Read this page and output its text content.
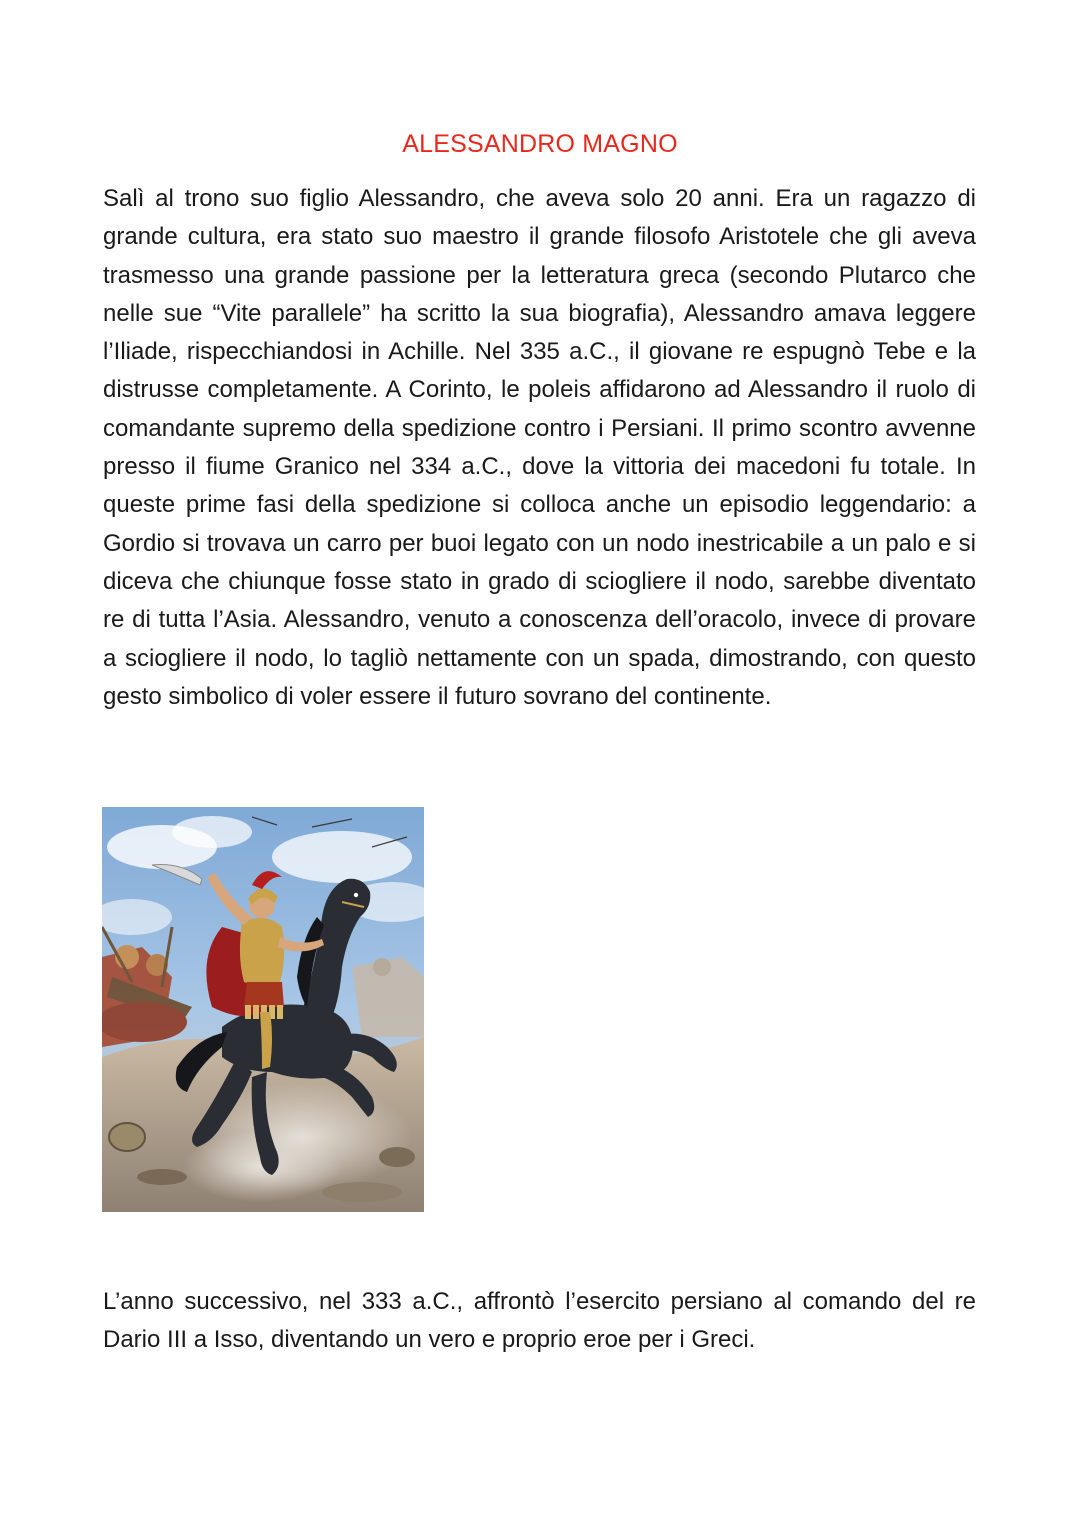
ALESSANDRO MAGNO

Salì al trono suo figlio Alessandro, che aveva solo 20 anni. Era un ragazzo di grande cultura, era stato suo maestro il grande filosofo Aristotele che gli aveva trasmesso una grande passione per la letteratura greca (secondo Plutarco che nelle sue “Vite parallele” ha scritto la sua biografia), Alessandro amava leggere l’Iliade, rispecchiandosi in Achille. Nel 335 a.C., il giovane re espugnò Tebe e la distrusse completamente. A Corinto, le poleis affidarono ad Alessandro il ruolo di comandante supremo della spedizione contro i Persiani. Il primo scontro avvenne presso il fiume Granico nel 334 a.C., dove la vittoria dei macedoni fu totale. In queste prime fasi della spedizione si colloca anche un episodio leggendario: a Gordio si trovava un carro per buoi legato con un nodo inestricabile a un palo e si diceva che chiunque fosse stato in grado di sciogliere il nodo, sarebbe diventato re di tutta l’Asia. Alessandro, venuto a conoscenza dell’oracolo, invece di provare a sciogliere il nodo, lo tagliò nettamente con un spada, dimostrando, con questo gesto simbolico di voler essere il futuro sovrano del continente.

L’anno successivo, nel 333 a.C., affrontò l’esercito persiano al comando del re Dario III a Isso, diventando un vero e proprio eroe per i Greci.
